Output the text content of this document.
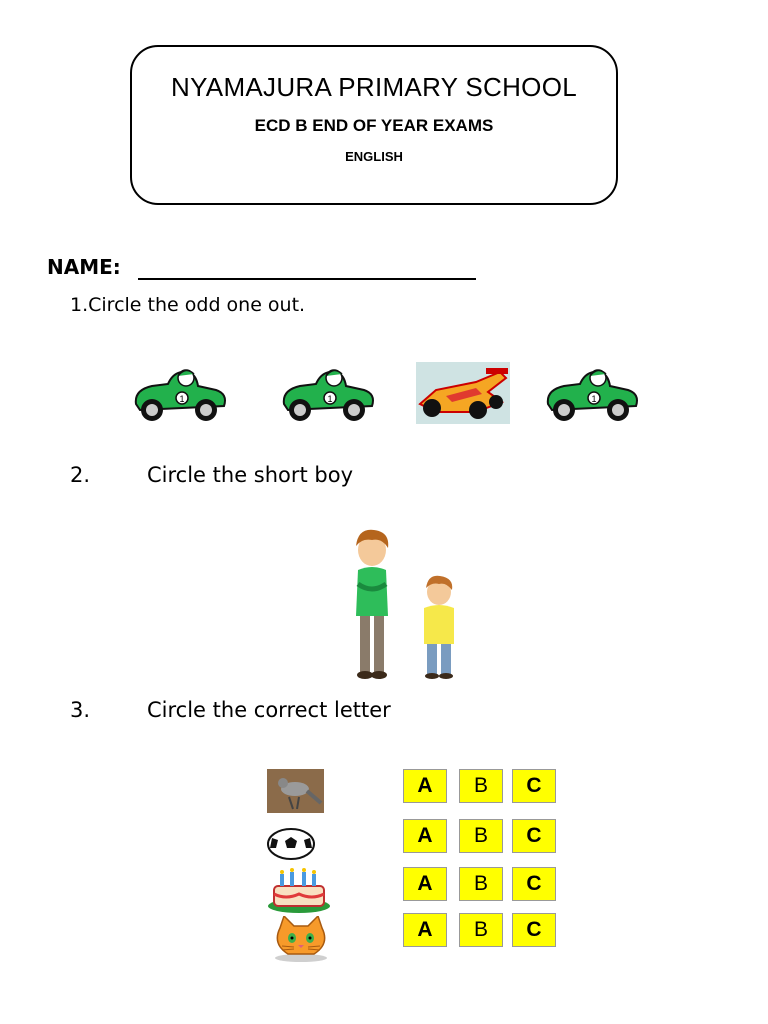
NYAMAJURA PRIMARY SCHOOL
ECD B END OF YEAR EXAMS
ENGLISH
NAME:
1.Circle the odd one out.
1	1	1
2.	Circle the short boy
3.	Circle the correct letter
A	B	C
A	B	C
A	B	C
A	B	C
